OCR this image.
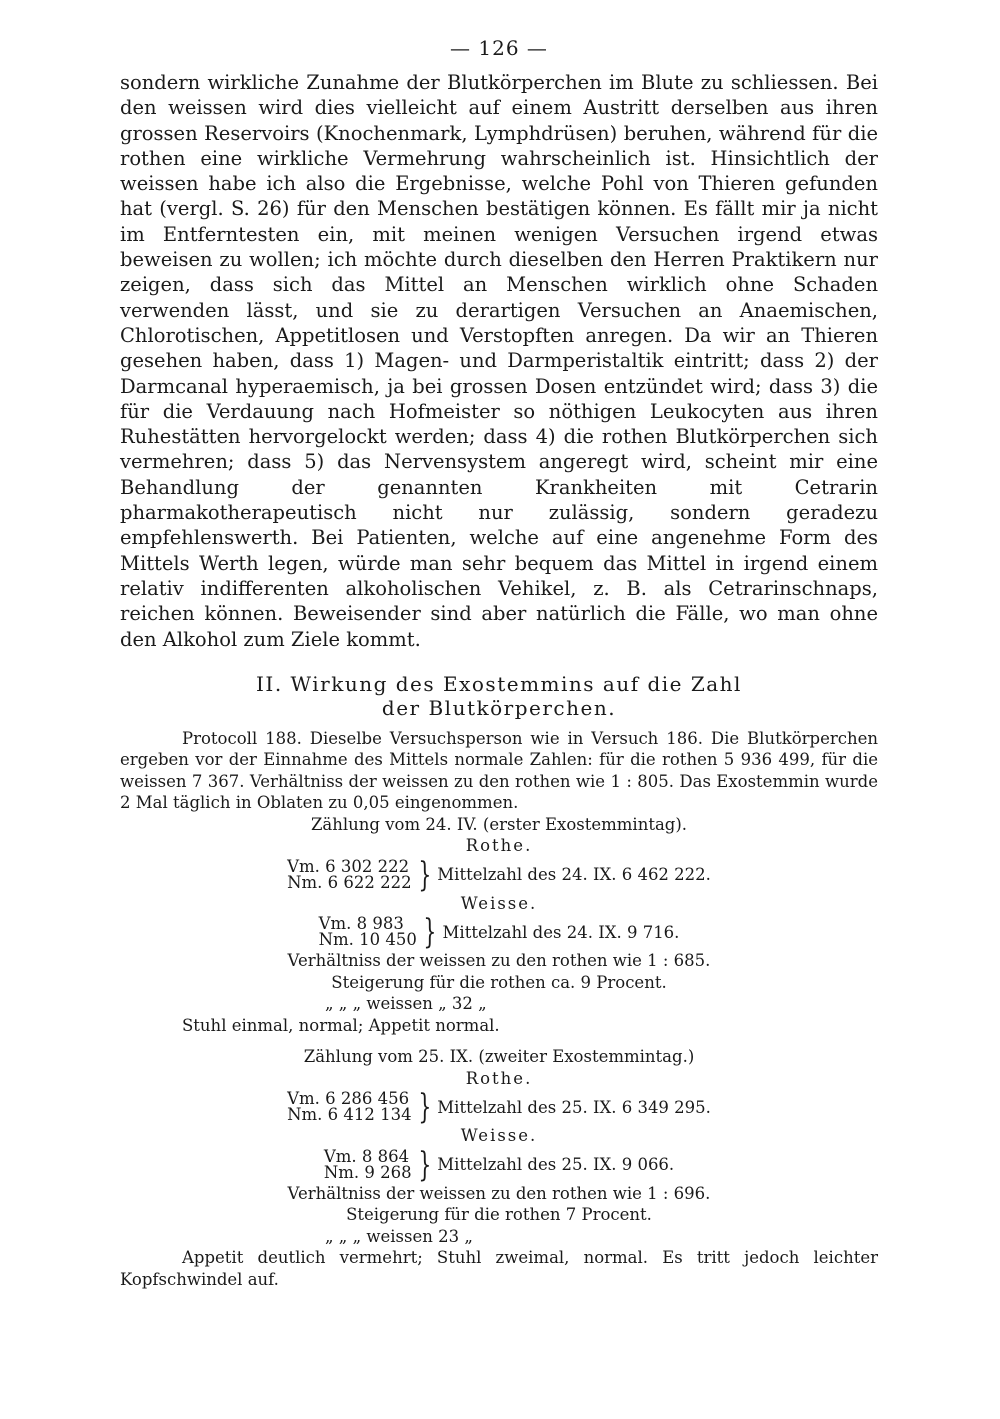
— 126 —

sondern wirkliche Zunahme der Blutkörperchen im Blute zu schliessen. Bei den weissen wird dies vielleicht auf einem Austritt derselben aus ihren grossen Reservoirs (Knochenmark, Lymphdrüsen) beruhen, während für die rothen eine wirkliche Vermehrung wahrscheinlich ist. Hinsichtlich der weissen habe ich also die Ergebnisse, welche Pohl von Thieren gefunden hat (vergl. S. 26) für den Menschen bestätigen können. Es fällt mir ja nicht im Entferntesten ein, mit meinen wenigen Versuchen irgend etwas beweisen zu wollen; ich möchte durch dieselben den Herren Praktikern nur zeigen, dass sich das Mittel an Menschen wirklich ohne Schaden verwenden lässt, und sie zu derartigen Versuchen an Anaemischen, Chlorotischen, Appetitlosen und Verstopften anregen. Da wir an Thieren gesehen haben, dass 1) Magen- und Darmperistaltik eintritt; dass 2) der Darmcanal hyperaemisch, ja bei grossen Dosen entzündet wird; dass 3) die für die Verdauung nach Hofmeister so nöthigen Leukocyten aus ihren Ruhestätten hervorgelockt werden; dass 4) die rothen Blutkörperchen sich vermehren; dass 5) das Nervensystem angeregt wird, scheint mir eine Behandlung der genannten Krankheiten mit Cetrarin pharmakotherapeutisch nicht nur zulässig, sondern geradezu empfehlenswerth. Bei Patienten, welche auf eine angenehme Form des Mittels Werth legen, würde man sehr bequem das Mittel in irgend einem relativ indifferenten alkoholischen Vehikel, z. B. als Cetrarinschnaps, reichen können. Beweisender sind aber natürlich die Fälle, wo man ohne den Alkohol zum Ziele kommt.

II. Wirkung des Exostemmins auf die Zahl
der Blutkörperchen.

Protocoll 188. Dieselbe Versuchsperson wie in Versuch 186. Die Blutkörperchen ergeben vor der Einnahme des Mittels normale Zahlen: für die rothen 5 936 499, für die weissen 7 367. Verhältniss der weissen zu den rothen wie 1 : 805. Das Exostemmin wurde 2 Mal täglich in Oblaten zu 0,05 eingenommen.

Zählung vom 24. IV. (erster Exostemmintag).

Rothe.

Vm. 6 302 222
Nm. 6 622 222 } Mittelzahl des 24. IX. 6 462 222.

Weisse.

Vm. 8 983
Nm. 10 450 } Mittelzahl des 24. IX. 9 716.

Verhältniss der weissen zu den rothen wie 1 : 685.

Steigerung für die rothen ca. 9 Procent.

„ „ „ weissen „ 32 „

Stuhl einmal, normal; Appetit normal.

Zählung vom 25. IX. (zweiter Exostemmintag.)

Rothe.

Vm. 6 286 456
Nm. 6 412 134 } Mittelzahl des 25. IX. 6 349 295.

Weisse.

Vm. 8 864
Nm. 9 268 } Mittelzahl des 25. IX. 9 066.

Verhältniss der weissen zu den rothen wie 1 : 696.

Steigerung für die rothen 7 Procent.

„ „ „ weissen 23 „

Appetit deutlich vermehrt; Stuhl zweimal, normal. Es tritt jedoch leichter Kopfschwindel auf.
